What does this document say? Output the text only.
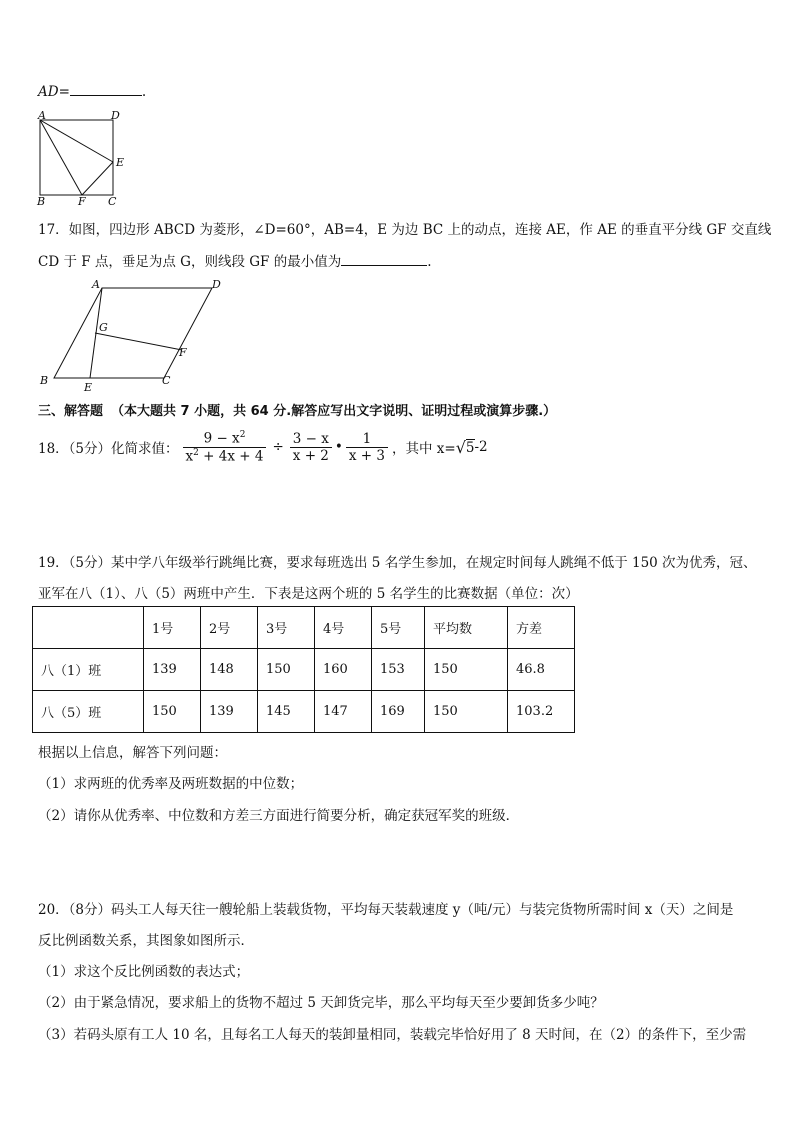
AD=	.
A	D
E
B	F C
17．如图，四边形 ABCD 为菱形，∠D=60°，AB=4，E 为边 BC 上的动点，连接 AE，作 AE 的垂直平分线 GF 交直线
CD 于 F 点，垂足为点 G，则线段 GF 的最小值为	.
A	D
G
F
B
E
C
三、解答题 （本大题共 7 小题，共 64 分.解答应写出文字说明、证明过程或演算步骤.）
18．（5分）化简求值： $\frac{9 - x^2}{x^2 + 4x + 4} \div \frac{3 - x}{x + 2}$ • $\frac{1}{x + 3}$ ，其中 x= √ 5 -2
19．（5分）某中学八年级举行跳绳比赛，要求每班选出 5 名学生参加，在规定时间每人跳绳不低于 150 次为优秀，冠、
亚军在八（1）、八（5）两班中产生．下表是这两个班的 5 名学生的比赛数据（单位：次）
	1号	2号	3号	4号	5号	平均数	方差
八（1）班	139	148	150	160	153	150	46.8
八（5）班	150	139	145	147	169	150	103.2
根据以上信息，解答下列问题：
（1）求两班的优秀率及两班数据的中位数；
（2）请你从优秀率、中位数和方差三方面进行简要分析，确定获冠军奖的班级．
20．（8分）码头工人每天往一艘轮船上装载货物，平均每天装载速度 y（吨/元）与装完货物所需时间 x（天）之间是
反比例函数关系，其图象如图所示．
（1）求这个反比例函数的表达式；
（2）由于紧急情况，要求船上的货物不超过 5 天卸货完毕，那么平均每天至少要卸货多少吨？
（3）若码头原有工人 10 名，且每名工人每天的装卸量相同，装载完毕恰好用了 8 天时间，在（2）的条件下，至少需
